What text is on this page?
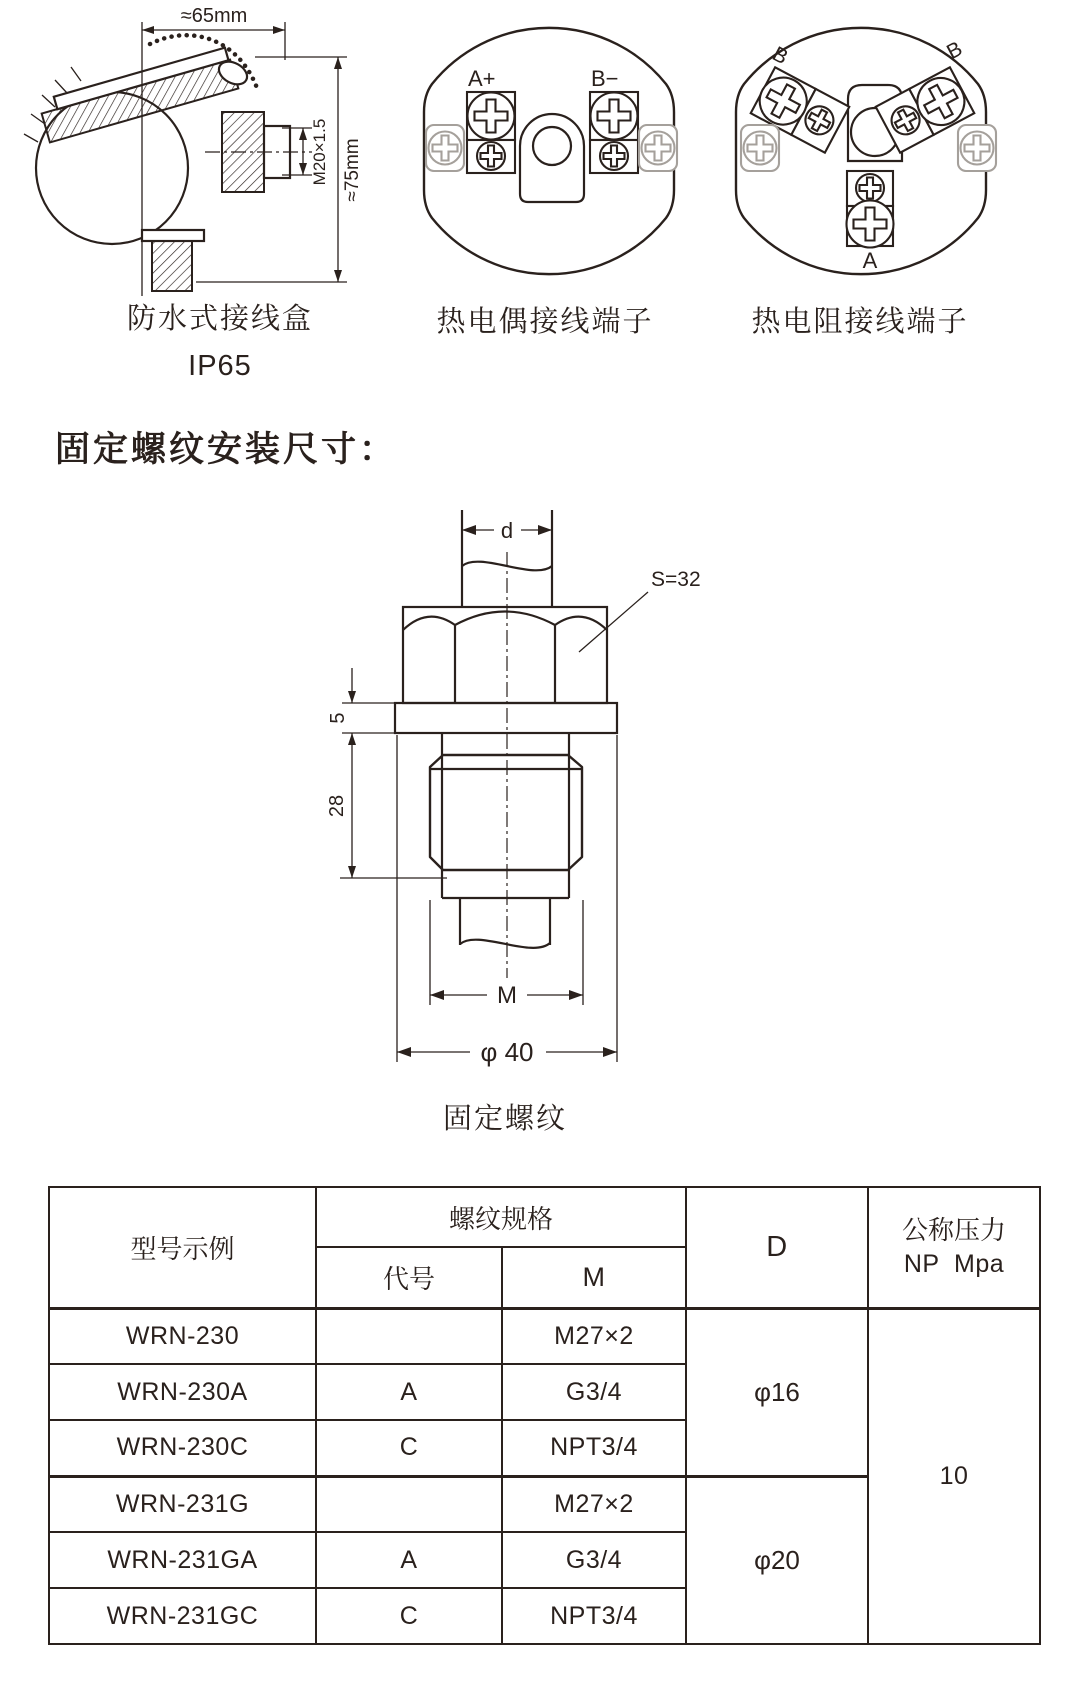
≈65mm
M20×1.5 ≈75mm
A+	B−
B	B
A
防水式接线盒
IP65
热电偶接线端子	热电阻接线端子
固定螺纹安装尺寸：
d
S=32
5
28
M
φ 40
固定螺纹
型号示例	螺纹规格		D	公称压力
NP  Mpa

	代号	M		
WRN-230		M27×2	φ16	10
WRN-230A	A	G3/4		
WRN-230C	C	NPT3/4		
WRN-231G		M27×2	φ20	
WRN-231GA	A	G3/4		
WRN-231GC	C	NPT3/4		
